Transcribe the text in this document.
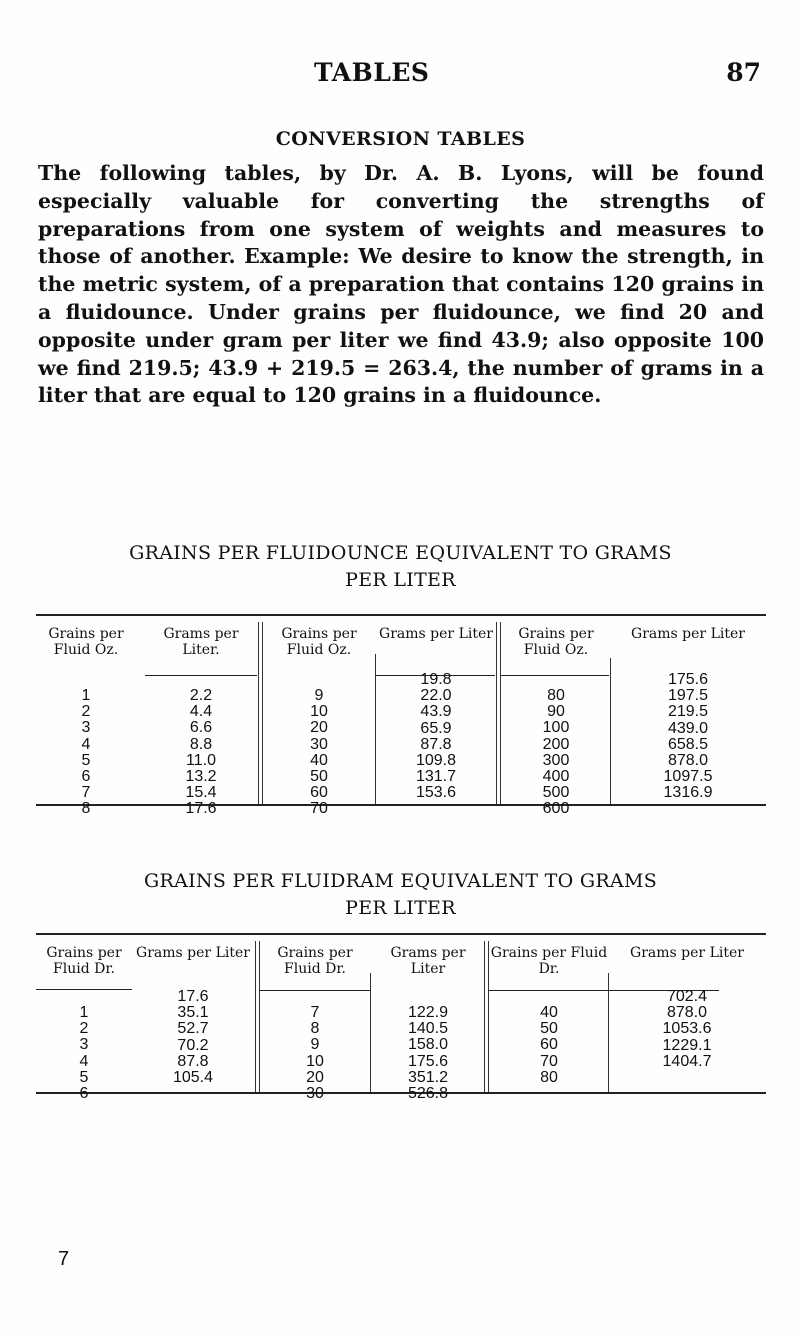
TABLES	87
CONVERSION TABLES

The following tables, by Dr. A. B. Lyons, will be found especially valuable for converting the strengths of preparations from one system of weights and measures to those of another. Example: We desire to know the strength, in the metric system, of a preparation that contains 120 grains in a fluidounce. Under grains per fluidounce, we find 20 and opposite under gram per liter we find 43.9; also opposite 100 we find 219.5; 43.9 + 219.5 = 263.4, the number of grams in a liter that are equal to 120 grains in a fluidounce.

GRAINS PER FLUIDOUNCE EQUIVALENT TO GRAMS
PER LITER
Grains per Fluid Oz.
1
2
3
4
5
6
7
8
Grams per Liter.
2.2
4.4
6.6
8.8
11.0
13.2
15.4
17.6
Grains per Fluid Oz.
9
10
20
30
40
50
60
70
Grams per Liter
19.8
22.0
43.9
65.9
87.8
109.8
131.7
153.6
Grains per Fluid Oz.
80
90
100
200
300
400
500
600
Grams per Liter
175.6
197.5
219.5
439.0
658.5
878.0
1097.5
1316.9
GRAINS PER FLUIDRAM EQUIVALENT TO GRAMS
PER LITER
Grains per Fluid Dr.
1
2
3
4
5
6
Grams per Liter
17.6
35.1
52.7
70.2
87.8
105.4
Grains per Fluid Dr.
7
8
9
10
20
30
Grams per Liter
122.9
140.5
158.0
175.6
351.2
526.8
Grains per Fluid Dr.
40
50
60
70
80
Grams per Liter
702.4
878.0
1053.6
1229.1
1404.7
7
